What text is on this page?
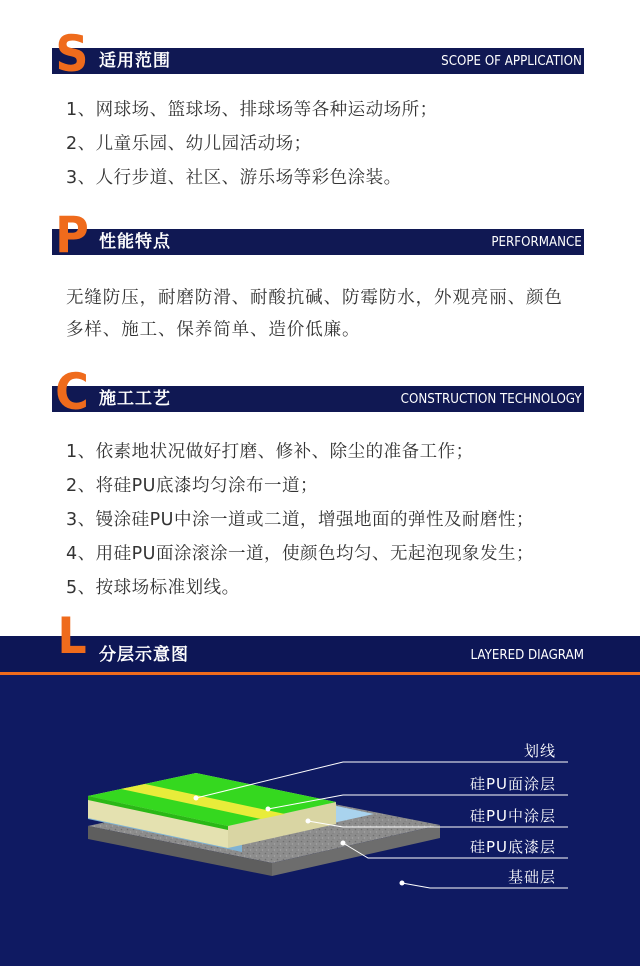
S 适用范围	SCOPE OF APPLICATION
1、网球场、篮球场、排球场等各种运动场所；
2、儿童乐园、幼儿园活动场；
3、人行步道、社区、游乐场等彩色涂装。
P 性能特点	PERFORMANCE
无缝防压，耐磨防滑、耐酸抗碱、防霉防水，外观亮丽、颜色
多样、施工、保养简单、造价低廉。
C 施工工艺	CONSTRUCTION TECHNOLOGY
1、依素地状况做好打磨、修补、除尘的准备工作；
2、将硅PU底漆均匀涂布一道；
3、镘涂硅PU中涂一道或二道，增强地面的弹性及耐磨性；
4、用硅PU面涂滚涂一道，使颜色均匀、无起泡现象发生；
5、按球场标准划线。
L 分层示意图	LAYERED DIAGRAM
划线
硅PU面涂层
硅PU中涂层
硅PU底漆层
基础层
